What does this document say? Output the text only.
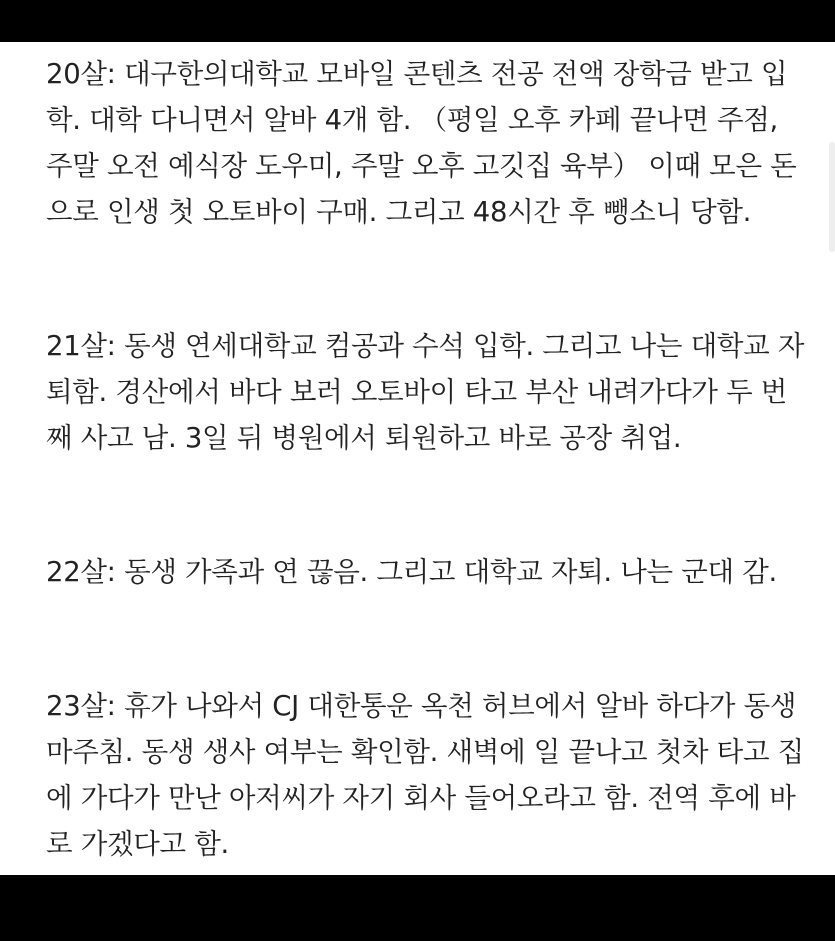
20살: 대구한의대학교 모바일 콘텐츠 전공 전액 장학금 받고 입
학. 대학 다니면서 알바 4개 함. （평일 오후 카페 끝나면 주점,
주말 오전 예식장 도우미, 주말 오후 고깃집 육부） 이때 모은 돈
으로 인생 첫 오토바이 구매. 그리고 48시간 후 뺑소니 당함.
21살: 동생 연세대학교 컴공과 수석 입학. 그리고 나는 대학교 자
퇴함. 경산에서 바다 보러 오토바이 타고 부산 내려가다가 두 번
째 사고 남. 3일 뒤 병원에서 퇴원하고 바로 공장 취업.
22살: 동생 가족과 연 끊음. 그리고 대학교 자퇴. 나는 군대 감.
23살: 휴가 나와서 CJ 대한통운 옥천 허브에서 알바 하다가 동생
마주침. 동생 생사 여부는 확인함. 새벽에 일 끝나고 첫차 타고 집
에 가다가 만난 아저씨가 자기 회사 들어오라고 함. 전역 후에 바
로 가겠다고 함.
